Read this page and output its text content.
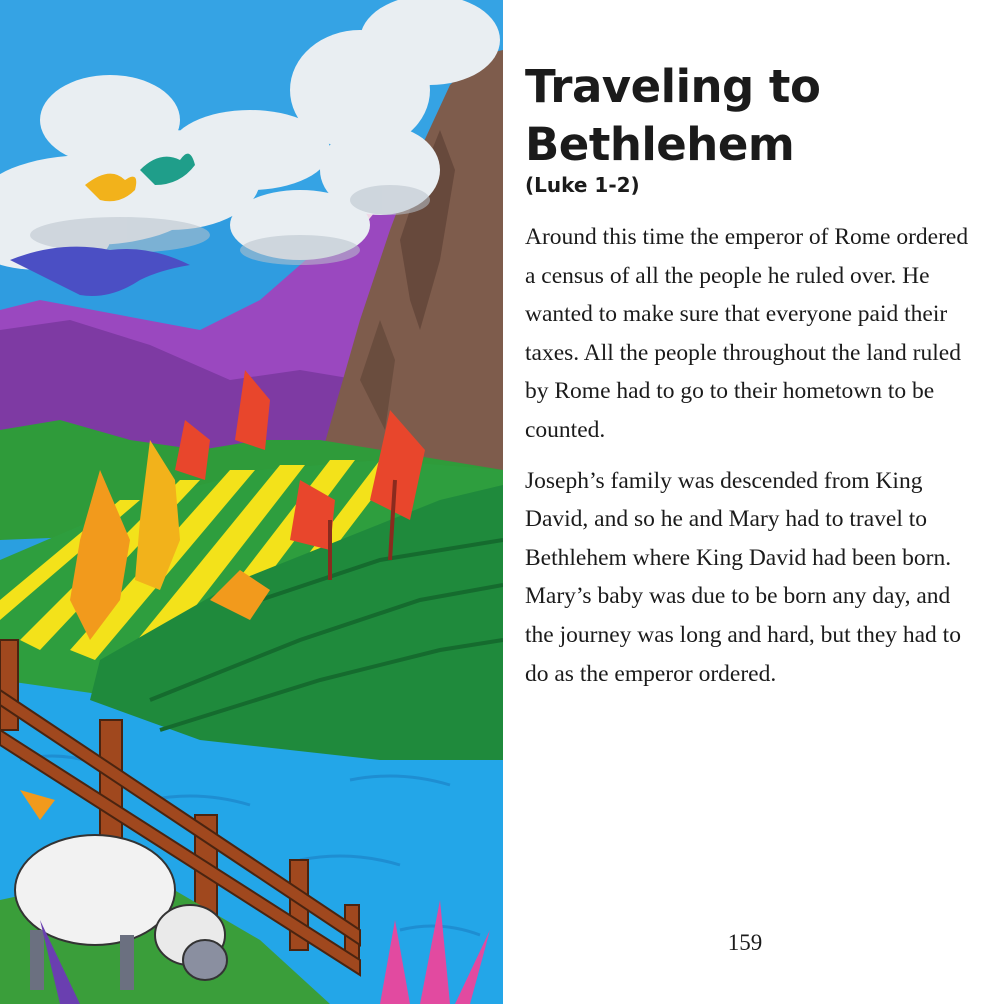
Traveling to Bethlehem
(Luke 1-2)

Around this time the emperor of Rome ordered a census of all the people he ruled over. He wanted to make sure that everyone paid their taxes. All the people throughout the land ruled by Rome had to go to their hometown to be counted.

Joseph’s family was descended from King David, and so he and Mary had to travel to Bethlehem where King David had been born. Mary’s baby was due to be born any day, and the journey was long and hard, but they had to do as the emperor ordered.

159
